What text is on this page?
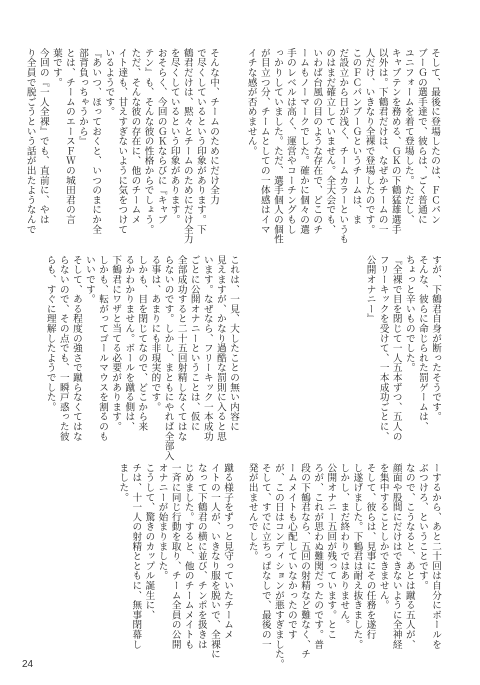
そして、最後に登場したのは、ＦＣパン
ブーＧの選手達で、彼らは、ごく普通に
ユニフォームを着て登場した。ただし、
キャプテンを務める、ＧＫの下鶴猛雄選手
以外は。下鶴君だけは、なぜかチームの一
人だけ、いきなり全裸で登場したのです。
このＦＣパンブーＧというチームは、ま
だ設立から日が浅く、チームカラーというも
のはまだ確立していません。全大会でも、
いわば台風の目のような存在で、どこのチ
ームもノーマークでした。確かに個々の選
手のレベルは高く、運営やコーチングもし
っかりしていました。ただ、選手個人の個性
が目立つ分、チームとしての一体感はイマ
イチな感が否めません。
そんな中、チームのためにだけ全力
で尽くしているという印象があります。下
鶴君だけは、黙々とチームのためにだけ全力
を尽くしているという印象があります。
おそらく、今回のＧＫならびに『キャプ
テン』も、そんな彼の性格からでしょう。
ただ、そんな彼の存在に、他のチームメ
イト達も、甘えすぎないように気をつけて
いるようです。
『あいつ、ほっておくと、いつのまにか全
部背負っちゃうから』
とは、チームのエースＦＷの城田君の言
葉です。
今回の『一人全裸』でも、直前に、やは
り全員で脱ごうという話が出たようなんで
すが、下鶴君自身が断ったそうです。
そんな、彼らに命じられた罰ゲームは、
ちょっと辛いものでした。
『全裸で目を閉じて一人五本ずつ、五人の
フリーキックを受けて、一本成功ごとに、
公開オナニー』
これは、一見、大したことの無い内容に
見えますが、かなり過酷な罰則に入ると思
います。なぜなら、フリーキック一本成功
ごとに公開オナニーということは、仮に
全部成功すると二十五回射精しなくてはな
らないのです。しかし、まともにやれば全部入
る事は、あまりにも非現実的です。
しかも、目を閉じてなので、どこから来
るかわかりません。ボールを蹴る側は、
下鶴君にワザと当てる必要があります。
しかも、転がってゴールマウスを割るのも
いいです。
そして、ある程度の強さで蹴らなくてはな
らないので、その点でも、一瞬戸惑った彼
らも、すぐに理解したようでした。
ーするから、あと二十回は自分にボールを
ぶつけろ、ということです。
なので、こうなると、あとは蹴る五人が、
顔面や股間にだけはできないように全神経
を集中することしかできません。
そして、彼らは、見事にその任務を遂行
し遂げました。下鶴君は耐え抜きました。
しかし、まだ終わりではありません。
公開オナニー五回が残っています。とこ
ろが、これが思わぬ難関だったのです。普
段の下鶴君なら、五回の射精など難なく、チ
ームメイトも心配していなかったのです
が、この日はコンディションが悪すぎました。
そして、すでに立ちっぱなしで、最後の一
発が出ませんでした。
蹴る様子をずっと見守っていたチームメ
イトの一人が、いきなり服を脱いで、全裸に
なって下鶴君の横に並び、チンポを扱きは
じめました。すると、他のチームメイトも
一斉に同じ行動を取り、チーム全員の公開
オナニーが始まりました。
こうして、驚きのカップル誕生に、
チは、十一人の射精とともに、無事閉幕し
ました。
24
